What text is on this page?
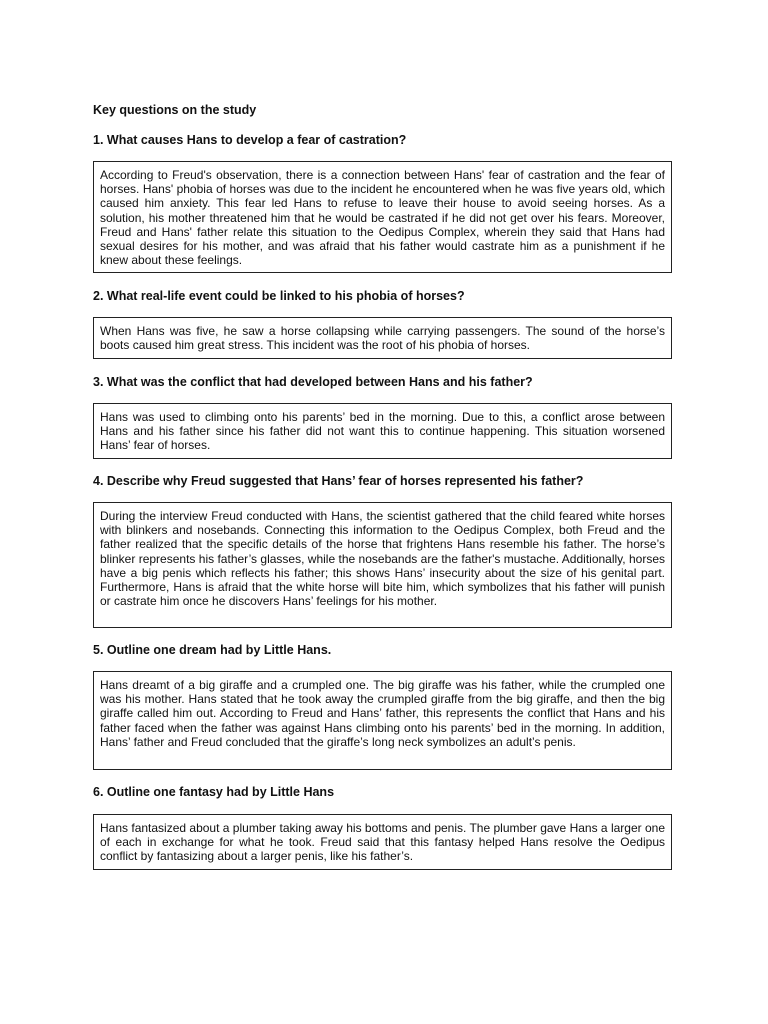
Key questions on the study
1. What causes Hans to develop a fear of castration?

According to Freud's observation, there is a connection between Hans' fear of castration and the fear of horses. Hans' phobia of horses was due to the incident he encountered when he was five years old, which caused him anxiety. This fear led Hans to refuse to leave their house to avoid seeing horses. As a solution, his mother threatened him that he would be castrated if he did not get over his fears. Moreover, Freud and Hans' father relate this situation to the Oedipus Complex, wherein they said that Hans had sexual desires for his mother, and was afraid that his father would castrate him as a punishment if he knew about these feelings.

2. What real-life event could be linked to his phobia of horses?

When Hans was five, he saw a horse collapsing while carrying passengers. The sound of the horse’s boots caused him great stress. This incident was the root of his phobia of horses.

3. What was the conflict that had developed between Hans and his father?

Hans was used to climbing onto his parents’ bed in the morning. Due to this, a conflict arose between Hans and his father since his father did not want this to continue happening. This situation worsened Hans’ fear of horses.

4. Describe why Freud suggested that Hans’ fear of horses represented his father?

During the interview Freud conducted with Hans, the scientist gathered that the child feared white horses with blinkers and nosebands. Connecting this information to the Oedipus Complex, both Freud and the father realized that the specific details of the horse that frightens Hans resemble his father. The horse’s blinker represents his father’s glasses, while the nosebands are the father's mustache. Additionally, horses have a big penis which reflects his father; this shows Hans’ insecurity about the size of his genital part. Furthermore, Hans is afraid that the white horse will bite him, which symbolizes that his father will punish or castrate him once he discovers Hans’ feelings for his mother.

5. Outline one dream had by Little Hans.

Hans dreamt of a big giraffe and a crumpled one. The big giraffe was his father, while the crumpled one was his mother. Hans stated that he took away the crumpled giraffe from the big giraffe, and then the big giraffe called him out. According to Freud and Hans’ father, this represents the conflict that Hans and his father faced when the father was against Hans climbing onto his parents’ bed in the morning. In addition, Hans’ father and Freud concluded that the giraffe’s long neck symbolizes an adult’s penis.

6. Outline one fantasy had by Little Hans

Hans fantasized about a plumber taking away his bottoms and penis. The plumber gave Hans a larger one of each in exchange for what he took. Freud said that this fantasy helped Hans resolve the Oedipus conflict by fantasizing about a larger penis, like his father’s.
